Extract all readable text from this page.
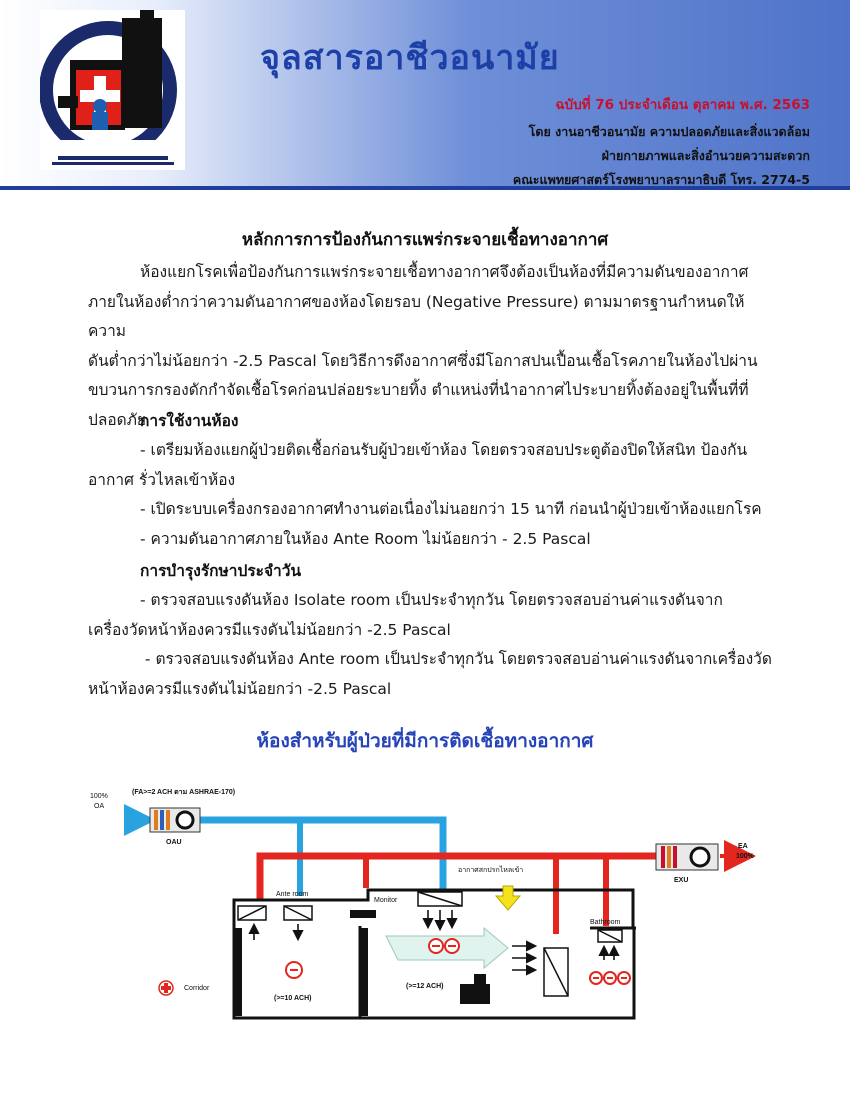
จุลสารอาชีวอนามัย
ฉบับที่ 76 ประจำเดือน ตุลาคม พ.ศ. 2563
โดย งานอาชีวอนามัย ความปลอดภัยและสิ่งแวดล้อม
ฝ่ายกายภาพและสิ่งอำนวยความสะดวก
คณะแพทยศาสตร์โรงพยาบาลรามาธิบดี โทร. 2774-5
หลักการการป้องกันการแพร่กระจายเชื้อทางอากาศ
ห้องแยกโรคเพื่อป้องกันการแพร่กระจายเชื้อทางอากาศจึงต้องเป็นห้องที่มีความดันของอากาศ
ภายในห้องต่ำกว่าความดันอากาศของห้องโดยรอบ (Negative Pressure) ตามมาตรฐานกำหนดให้ความ
ดันต่ำกว่าไม่น้อยกว่า -2.5 Pascal โดยวิธีการดึงอากาศซึ่งมีโอกาสปนเปื้อนเชื้อโรคภายในห้องไปผ่าน
ขบวนการกรองดักกำจัดเชื้อโรคก่อนปล่อยระบายทิ้ง ตำแหน่งที่นำอากาศไประบายทิ้งต้องอยู่ในพื้นที่ที่
ปลอดภัย
การใช้งานห้อง
- เตรียมห้องแยกผู้ป่วยติดเชื้อก่อนรับผู้ป่วยเข้าห้อง โดยตรวจสอบประตูต้องปิดให้สนิท ป้องกัน
อากาศ รั่วไหลเข้าห้อง
- เปิดระบบเครื่องกรองอากาศทำงานต่อเนื่องไม่นอยกว่า 15 นาที ก่อนนำผู้ป่วยเข้าห้องแยกโรค
- ความดันอากาศภายในห้อง Ante Room ไม่น้อยกว่า - 2.5 Pascal
การบำรุงรักษาประจำวัน
- ตรวจสอบแรงดันห้อง Isolate room เป็นประจำทุกวัน โดยตรวจสอบอ่านค่าแรงดันจาก
เครื่องวัดหน้าห้องควรมีแรงดันไม่น้อยกว่า -2.5 Pascal
- ตรวจสอบแรงดันห้อง Ante room เป็นประจำทุกวัน โดยตรวจสอบอ่านค่าแรงดันจากเครื่องวัด
หน้าห้องควรมีแรงดันไม่น้อยกว่า -2.5 Pascal
ห้องสำหรับผู้ป่วยที่มีการติดเชื้อทางอากาศ
100%
OA
(FA>=2 ACH ตาม ASHRAE-170)
OAU
EA
100%
EXU
Ante room
Monitor
อากาศสกปรกไหลเข้า
Bathroom
Corridor
(>=10 ACH)
(>=12 ACH)
